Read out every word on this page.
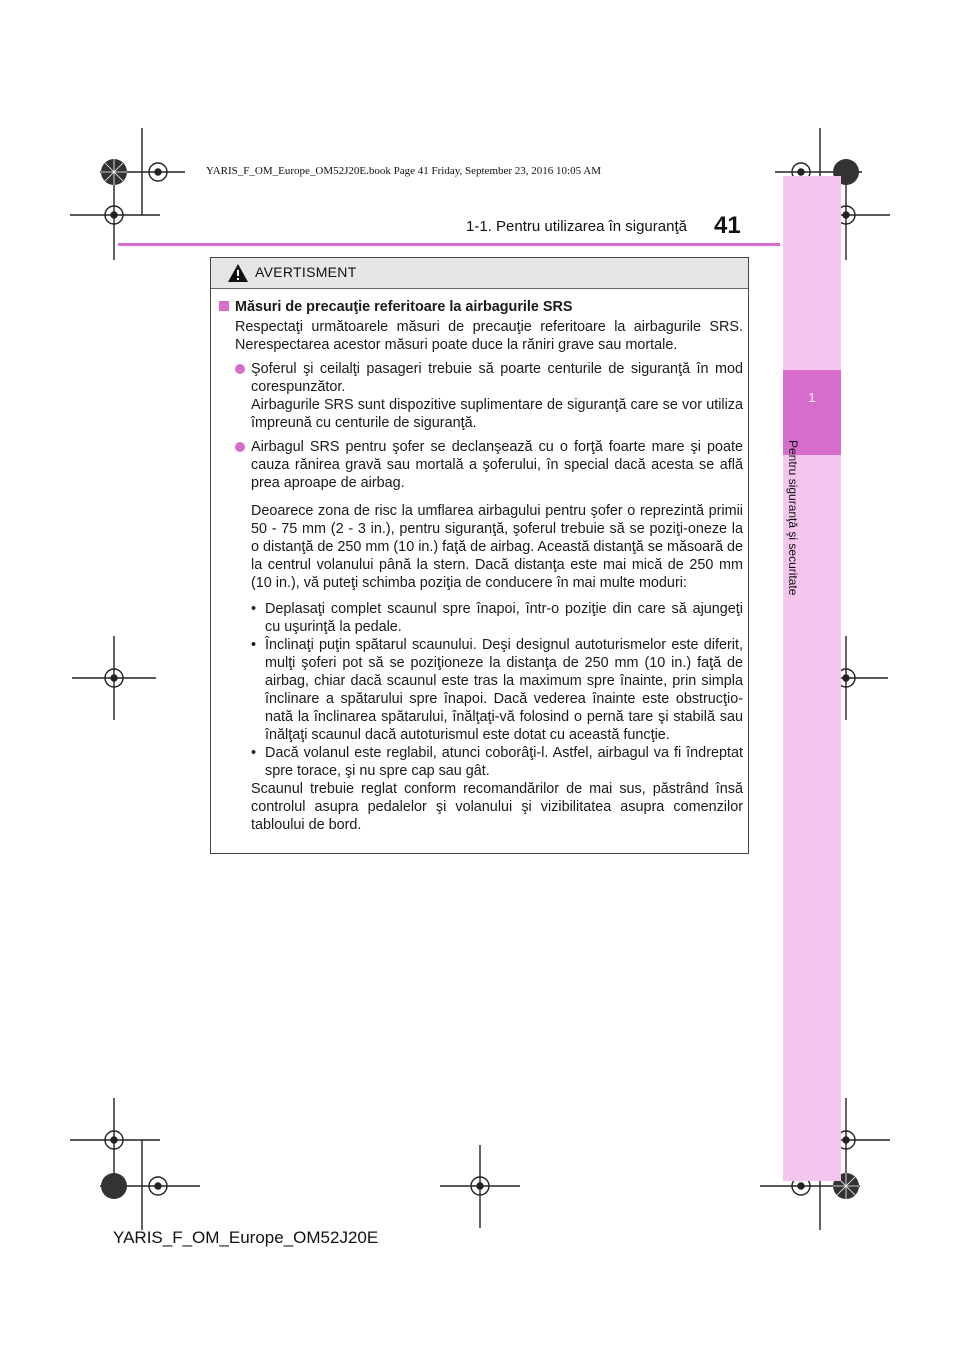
YARIS_F_OM_Europe_OM52J20E.book Page 41 Friday, September 23, 2016 10:05 AM
1-1. Pentru utilizarea în siguranţă 41
1
Pentru siguranţă şi securitate
AVERTISMENT
Măsuri de precauţie referitoare la airbagurile SRS

Respectaţi următoarele măsuri de precauţie referitoare la airbagurile SRS. Nerespectarea acestor măsuri poate duce la răniri grave sau mortale.

Şoferul şi ceilalţi pasageri trebuie să poarte centurile de siguranţă în mod corespunzător.
Airbagurile SRS sunt dispozitive suplimentare de siguranţă care se vor utiliza împreună cu centurile de siguranţă.
Airbagul SRS pentru şofer se declanşează cu o forţă foarte mare şi poate cauza rănirea gravă sau mortală a şoferului, în special dacă acesta se află prea aproape de airbag.

Deoarece zona de risc la umflarea airbagului pentru şofer o reprezintă primii 50 - 75 mm (2 - 3 in.), pentru siguranţă, şoferul trebuie să se poziţi-oneze la o distanţă de 250 mm (10 in.) faţă de airbag. Această distanţă se măsoară de la centrul volanului până la stern. Dacă distanţa este mai mică de 250 mm (10 in.), vă puteţi schimba poziţia de conducere în mai multe moduri:

• Deplasaţi complet scaunul spre înapoi, într-o poziţie din care să ajungeţi cu uşurinţă la pedale.
• Înclinaţi puţin spătarul scaunului. Deşi designul autoturismelor este diferit, mulţi şoferi pot să se poziţioneze la distanţa de 250 mm (10 in.) faţă de airbag, chiar dacă scaunul este tras la maximum spre înainte, prin simpla înclinare a spătarului spre înapoi. Dacă vederea înainte este obstrucţio-nată la înclinarea spătarului, înălţaţi-vă folosind o pernă tare şi stabilă sau înălţaţi scaunul dacă autoturismul este dotat cu această funcţie.
• Dacă volanul este reglabil, atunci coborâţi-l. Astfel, airbagul va fi îndreptat spre torace, şi nu spre cap sau gât.

Scaunul trebuie reglat conform recomandărilor de mai sus, păstrând însă controlul asupra pedalelor şi volanului şi vizibilitatea asupra comenzilor tabloului de bord.

YARIS_F_OM_Europe_OM52J20E
